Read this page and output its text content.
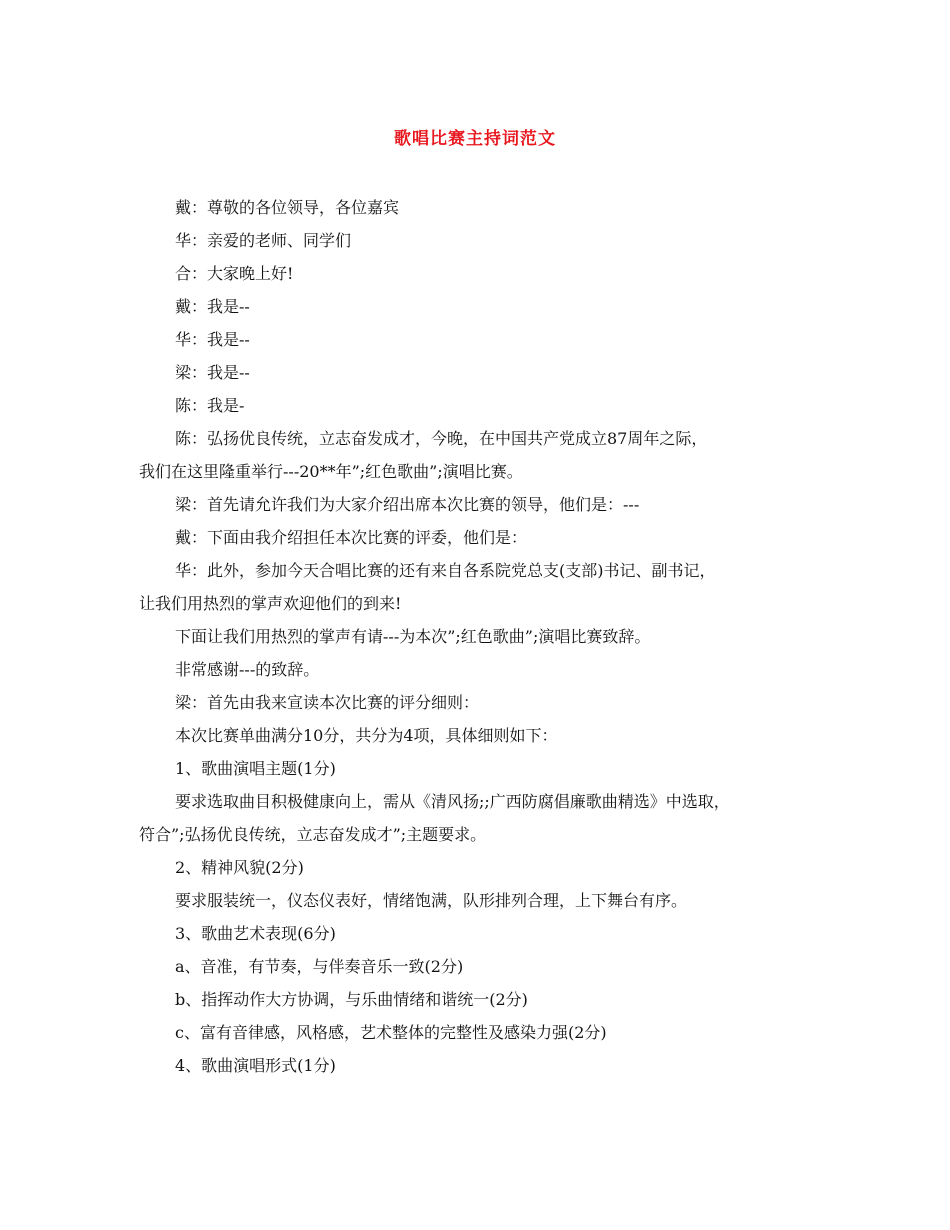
歌唱比赛主持词范文
戴：尊敬的各位领导，各位嘉宾
华：亲爱的老师、同学们
合：大家晚上好!
戴：我是--
华：我是--
梁：我是--
陈：我是-
陈：弘扬优良传统，立志奋发成才，今晚，在中国共产党成立87周年之际，
我们在这里隆重举行---20**年”;红色歌曲”;演唱比赛。
梁：首先请允许我们为大家介绍出席本次比赛的领导，他们是：---
戴：下面由我介绍担任本次比赛的评委，他们是：
华：此外，参加今天合唱比赛的还有来自各系院党总支(支部)书记、副书记，
让我们用热烈的掌声欢迎他们的到来!
下面让我们用热烈的掌声有请---为本次”;红色歌曲”;演唱比赛致辞。
非常感谢---的致辞。
梁：首先由我来宣读本次比赛的评分细则：
本次比赛单曲满分10分，共分为4项，具体细则如下：
1、歌曲演唱主题(1分)
要求选取曲目积极健康向上，需从《清风扬;;广西防腐倡廉歌曲精选》中选取，
符合”;弘扬优良传统，立志奋发成才”;主题要求。
2、精神风貌(2分)
要求服装统一，仪态仪表好，情绪饱满，队形排列合理，上下舞台有序。
3、歌曲艺术表现(6分)
a、音准，有节奏，与伴奏音乐一致(2分)
b、指挥动作大方协调，与乐曲情绪和谐统一(2分)
c、富有音律感，风格感，艺术整体的完整性及感染力强(2分)
4、歌曲演唱形式(1分)
